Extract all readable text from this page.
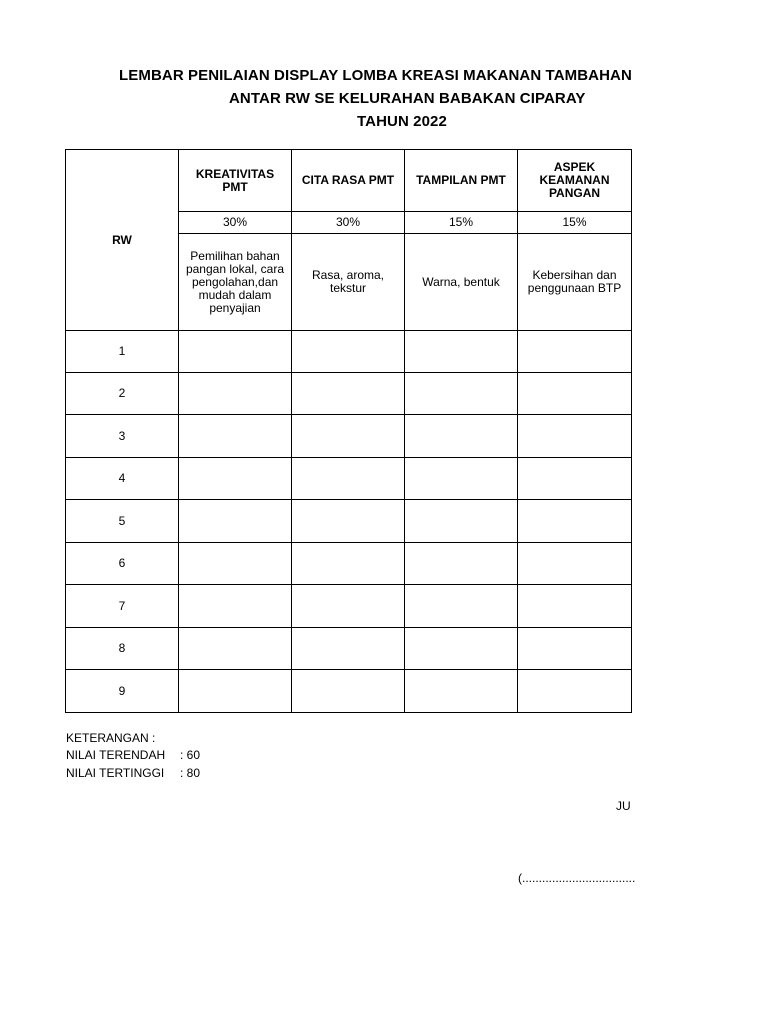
LEMBAR PENILAIAN DISPLAY LOMBA KREASI MAKANAN TAMBAHAN
ANTAR RW SE KELURAHAN BABAKAN CIPARAY
TAHUN 2022
RW	KREATIVITAS PMT	CITA RASA PMT	TAMPILAN PMT	ASPEK KEAMANAN PANGAN
	30%	30%	15%	15%
	Pemilihan bahan pangan lokal, cara pengolahan,dan mudah dalam penyajian	Rasa, aroma, tekstur	Warna, bentuk	Kebersihan dan penggunaan BTP
1				
2				
3				
4				
5				
6				
7				
8				
9				
KETERANGAN :
NILAI TERENDAH : 60
NILAI TERTINGGI : 80
JU
(..................................
